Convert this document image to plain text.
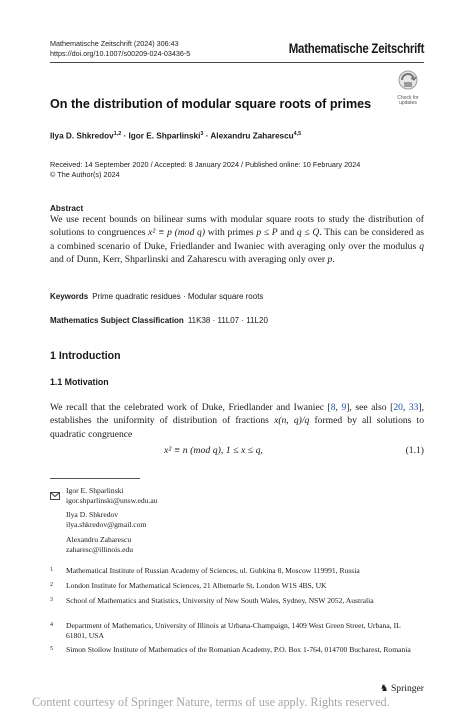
Mathematische Zeitschrift (2024) 306:43
https://doi.org/10.1007/s00209-024-03436-5	Mathematische Zeitschrift
Check for updates
On the distribution of modular square roots of primes
Ilya D. Shkredov$^{1,2}$ · Igor E. Shparlinski$^3$ · Alexandru Zaharescu$^{4,5}$
Received: 14 September 2020 / Accepted: 8 January 2024 / Published online: 10 February 2024
© The Author(s) 2024
Abstract
We use recent bounds on bilinear sums with modular square roots to study the distribution of solutions to congruences x² ≡ p (mod q) with primes p ≤ P and q ≤ Q. This can be considered as a combined scenario of Duke, Friedlander and Iwaniec with averaging only over the modulus q and of Dunn, Kerr, Shparlinski and Zaharescu with averaging only over p.
Keywords Prime quadratic residues · Modular square roots
Mathematics Subject Classification 11K38 · 11L07 · 11L20
1 Introduction
1.1 Motivation
We recall that the celebrated work of Duke, Friedlander and Iwaniec [8, 9], see also [20, 33], establishes the uniformity of distribution of fractions x(n, q)/q formed by all solutions to quadratic congruence
x² ≡ n (mod q), 1 ≤ x ≤ q,	(1.1)
Igor E. Shparlinski
igor.shparlinski@unsw.edu.au
Ilya D. Shkredov
ilya.shkredov@gmail.com
Alexandru Zaharescu
zaharesc@illinois.edu
1 Mathematical Institute of Russian Academy of Sciences, ul. Gubkina 8, Moscow 119991, Russia
2 London Institute for Mathematical Sciences, 21 Albemarle St, London W1S 4BS, UK
3 School of Mathematics and Statistics, University of New South Wales, Sydney, NSW 2052, Australia
4 Department of Mathematics, University of Illinois at Urbana-Champaign, 1409 West Green Street, Urbana, IL 61801, USA
5 Simon Stoilow Institute of Mathematics of the Romanian Academy, P.O. Box 1-764, 014700 Bucharest, Romania
♞ Springer
Content courtesy of Springer Nature, terms of use apply. Rights reserved.
